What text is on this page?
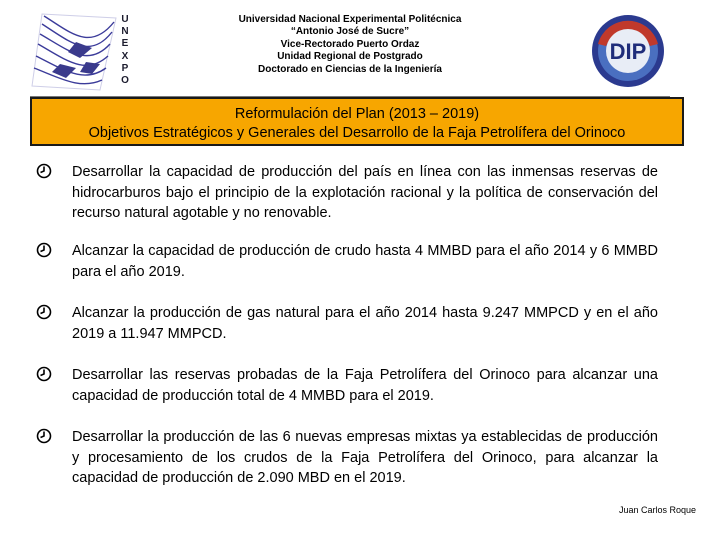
U
N
E
X
P
O
Universidad Nacional Experimental Politécnica
“Antonio José de Sucre”
Vice-Rectorado Puerto Ordaz
Unidad Regional de Postgrado
Doctorado en Ciencias de la Ingeniería
DIP
Reformulación del Plan (2013 – 2019)
Objetivos Estratégicos y Generales del Desarrollo de la Faja Petrolífera del Orinoco
Desarrollar la capacidad de producción del país en línea con las inmensas reservas de hidrocarburos bajo el principio de la explotación racional y la política de conservación del recurso natural agotable y no renovable.
Alcanzar la capacidad de producción de crudo hasta 4 MMBD para el año 2014 y 6 MMBD para el año 2019.
Alcanzar la producción de gas natural para el año 2014 hasta 9.247 MMPCD y en el año 2019 a 11.947 MMPCD.
Desarrollar las reservas probadas de la Faja Petrolífera del Orinoco para alcanzar una capacidad de producción total de 4 MMBD para el 2019.
Desarrollar la producción de las 6 nuevas empresas mixtas ya establecidas de producción y procesamiento de los crudos de la Faja Petrolífera del Orinoco, para alcanzar la capacidad de producción de 2.090 MBD en el 2019.
Juan Carlos Roque
